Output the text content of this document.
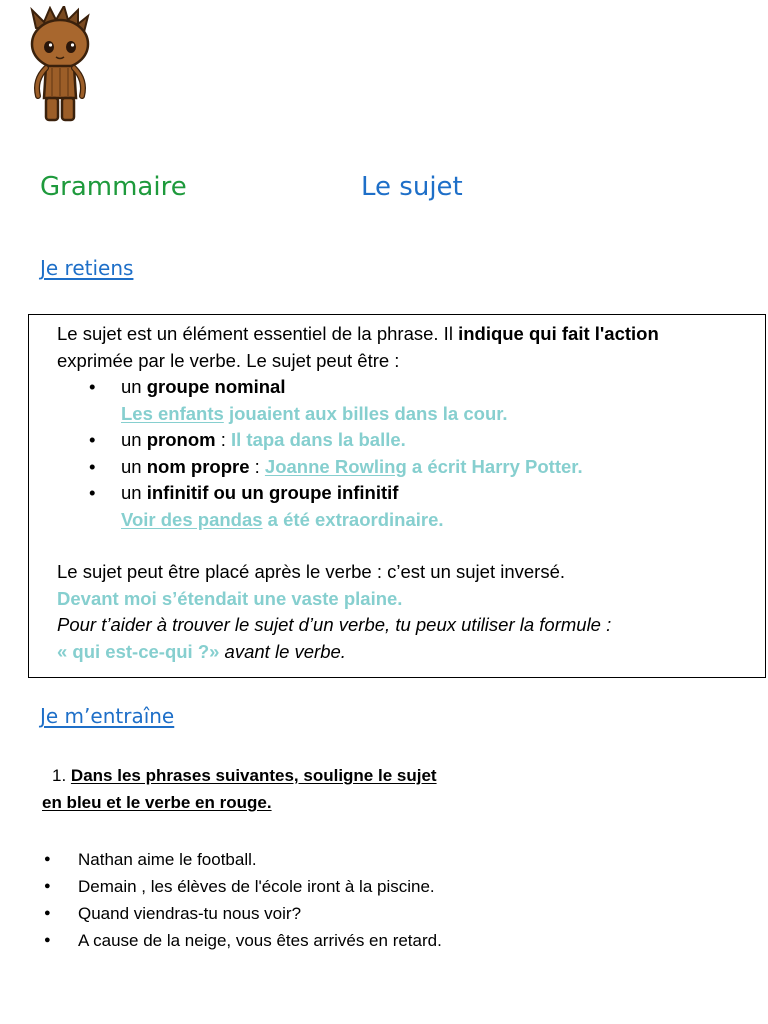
Grammaire	Le sujet
Je retiens
Le sujet est un élément essentiel de la phrase. Il indique qui fait l'action
exprimée par le verbe. Le sujet peut être :
• un groupe nominal
Les enfants jouaient aux billes dans la cour.
• un pronom : Il tapa dans la balle.
• un nom propre : Joanne Rowling a écrit Harry Potter.
• un infinitif ou un groupe infinitif
Voir des pandas a été extraordinaire.
Le sujet peut être placé après le verbe : c’est un sujet inversé.
Devant moi s’étendait une vaste plaine.
Pour t’aider à trouver le sujet d’un verbe, tu peux utiliser la formule :
« qui est-ce-qui ?» avant le verbe.
Je m’entraîne
1. Dans les phrases suivantes, souligne le sujet
en bleu et le verbe en rouge.
● Nathan aime le football.
● Demain , les élèves de l'école iront à la piscine.
● Quand viendras-tu nous voir?
● A cause de la neige, vous êtes arrivés en retard.
